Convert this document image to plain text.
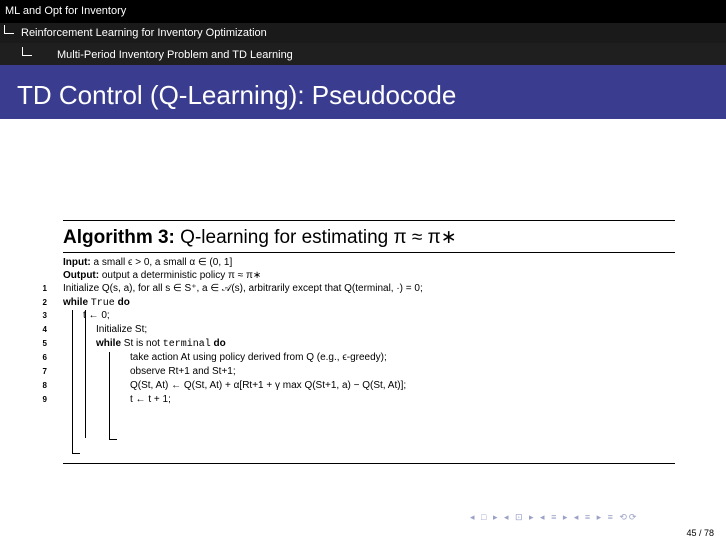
ML and Opt for Inventory
Reinforcement Learning for Inventory Optimization
Multi-Period Inventory Problem and TD Learning
TD Control (Q-Learning): Pseudocode
Algorithm 3: Q-learning for estimating π ≈ π∗
Input: a small ϵ > 0, a small α ∈ (0, 1]
Output: output a deterministic policy π ≈ π∗
1 Initialize Q(s, a), for all s ∈ S⁺, a ∈ 𝒜(s), arbitrarily except that Q(terminal, ·) = 0;
2 while True do
3	t ← 0;
4	Initialize St;
5	while St is not terminal do
6	take action At using policy derived from Q (e.g., ϵ-greedy);
7	observe Rt+1 and St+1;
8	Q(St, At) ← Q(St, At) + α[Rt+1 + γ max Q(St+1, a) − Q(St, At)];
9	t ← t + 1;
◂ □ ▸ ◂ ⊡ ▸ ◂ ≡ ▸ ◂ ≡ ▸ ≡ ⟲⟳
45 / 78
